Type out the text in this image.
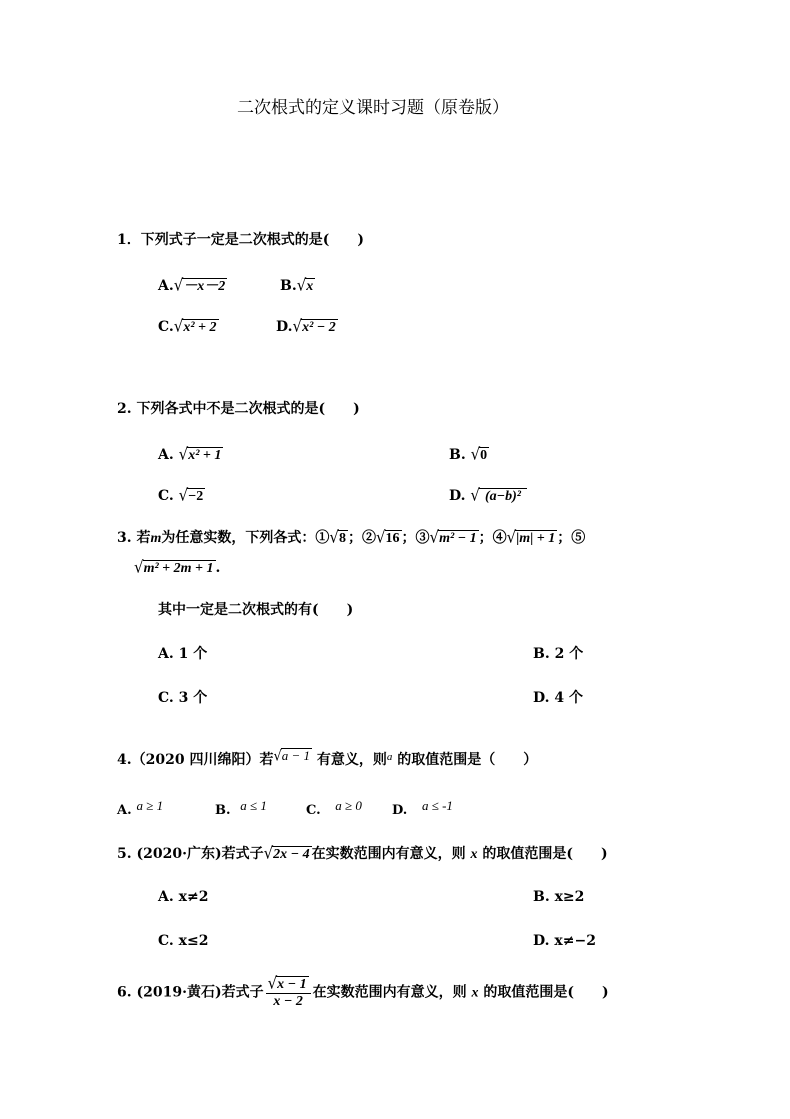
二次根式的定义课时习题（原卷版）
1．下列式子一定是二次根式的是(　　)
A.√－x－2	B.√x
C.√x² + 2	D.√x² − 2
2. 下列各式中不是二次根式的是(　　)
A. √x² + 1	B. √0
C. √−2	D. √ (a−b)²
3. 若m为任意实数，下列各式：①√8 ；②√16 ；③√m² − 1 ；④√|m| + 1 ；⑤
√m² + 2m + 1 .
其中一定是二次根式的有(　　)
A. 1 个	B. 2 个
C. 3 个	D. 4 个
4.（2020 四川绵阳）若√a − 1 有意义，则$^a$ 的取值范围是（　　）
A. a ≥ 1	B. a ≤ 1	C. a ≥ 0 D. a ≤ -1
5. (2020·广东)若式子√2x − 4 在实数范围内有意义，则 x 的取值范围是(　　)
A. x≠2	B. x≥2
C. x≤2	D. x≠−2
6. (2019·黄石)若式子 $\frac{√x - 1}{x - 2}$ 在实数范围内有意义，则 x 的取值范围是(　　)
